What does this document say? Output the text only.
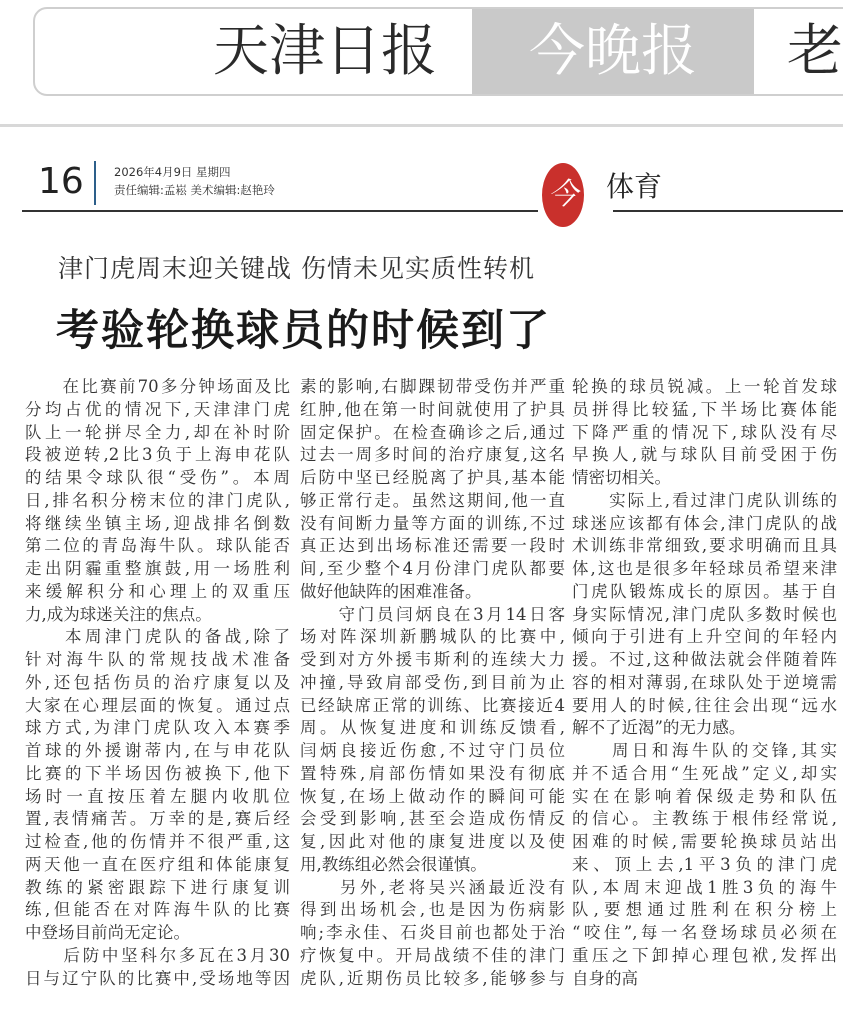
天津日报	今晚报	老
16	2026年4月9日 星期四
责任编辑:孟崧 美术编辑:赵艳玲	今 体育
津门虎周末迎关键战 伤情未见实质性转机
考验轮换球员的时候到了
　　在比赛前70多分钟场面及比
分均占优的情况下,天津津门虎
队上一轮拼尽全力,却在补时阶
段被逆转,2比3负于上海申花队
的结果令球队很“受伤”。本周
日,排名积分榜末位的津门虎队,
将继续坐镇主场,迎战排名倒数
第二位的青岛海牛队。球队能否
走出阴霾重整旗鼓,用一场胜利
来缓解积分和心理上的双重压
力,成为球迷关注的焦点。
　　本周津门虎队的备战,除了
针对海牛队的常规技战术准备
外,还包括伤员的治疗康复以及
大家在心理层面的恢复。通过点
球方式,为津门虎队攻入本赛季
首球的外援谢蒂内,在与申花队
比赛的下半场因伤被换下,他下
场时一直按压着左腿内收肌位
置,表情痛苦。万幸的是,赛后经
过检查,他的伤情并不很严重,这
两天他一直在医疗组和体能康复
教练的紧密跟踪下进行康复训
练,但能否在对阵海牛队的比赛
中登场目前尚无定论。
　　后防中坚科尔多瓦在3月30
日与辽宁队的比赛中,受场地等因
素的影响,右脚踝韧带受伤并严重
红肿,他在第一时间就使用了护具
固定保护。在检查确诊之后,通过
过去一周多时间的治疗康复,这名
后防中坚已经脱离了护具,基本能
够正常行走。虽然这期间,他一直
没有间断力量等方面的训练,不过
真正达到出场标准还需要一段时
间,至少整个4月份津门虎队都要
做好他缺阵的困难准备。
　　守门员闫炳良在3月14日客
场对阵深圳新鹏城队的比赛中,
受到对方外援韦斯利的连续大力
冲撞,导致肩部受伤,到目前为止
已经缺席正常的训练、比赛接近4
周。从恢复进度和训练反馈看,
闫炳良接近伤愈,不过守门员位
置特殊,肩部伤情如果没有彻底
恢复,在场上做动作的瞬间可能
会受到影响,甚至会造成伤情反
复,因此对他的康复进度以及使
用,教练组必然会很谨慎。
　　另外,老将吴兴涵最近没有
得到出场机会,也是因为伤病影
响;李永佳、石炎目前也都处于治
疗恢复中。开局战绩不佳的津门
虎队,近期伤员比较多,能够参与
轮换的球员锐减。上一轮首发球
员拼得比较猛,下半场比赛体能
下降严重的情况下,球队没有尽
早换人,就与球队目前受困于伤
情密切相关。
　　实际上,看过津门虎队训练的
球迷应该都有体会,津门虎队的战
术训练非常细致,要求明确而且具
体,这也是很多年轻球员希望来津
门虎队锻炼成长的原因。基于自
身实际情况,津门虎队多数时候也
倾向于引进有上升空间的年轻内
援。不过,这种做法就会伴随着阵
容的相对薄弱,在球队处于逆境需
要用人的时候,往往会出现“远水
解不了近渴”的无力感。
　　周日和海牛队的交锋,其实
并不适合用“生死战”定义,却实
实在在影响着保级走势和队伍
的信心。主教练于根伟经常说,
困难的时候,需要轮换球员站出
来、顶上去,1平3负的津门虎
队,本周末迎战1胜3负的海牛
队,要想通过胜利在积分榜上
“咬住”,每一名登场球员必须在
重压之下卸掉心理包袱,发挥出
自身的高
